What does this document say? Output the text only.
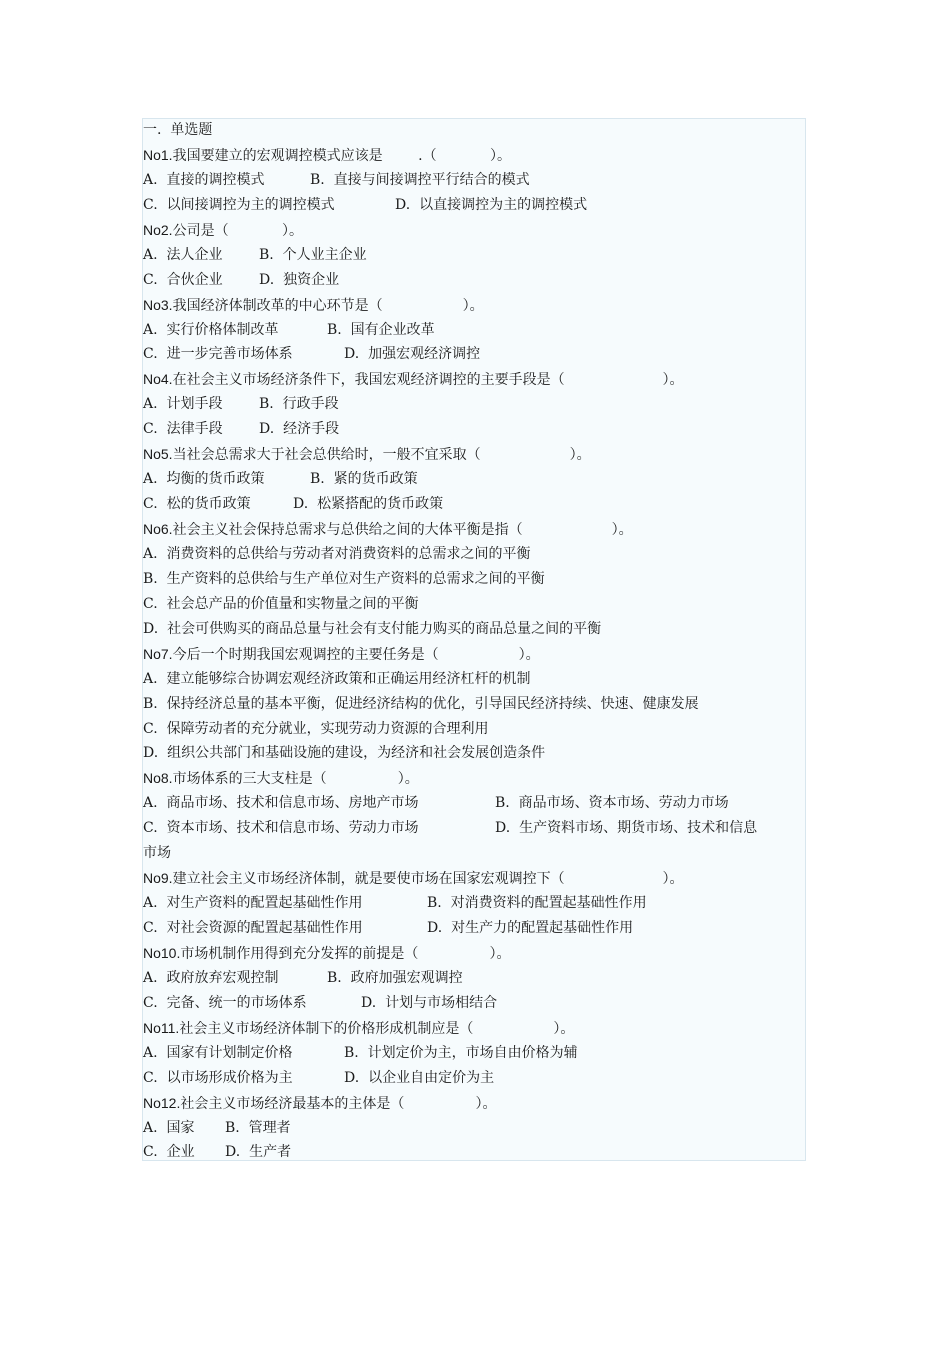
一.  单选题
No1.我国要建立的宏观调控模式应该是        .（            ）。
A.  直接的调控模式	B.  直接与间接调控平行结合的模式
C.  以间接调控为主的调控模式	D.  以直接调控为主的调控模式
No2.公司是（            ）。
A.  法人企业	B.  个人业主企业
C.  合伙企业	D.  独资企业
No3.我国经济体制改革的中心环节是（                  ）。
A.  实行价格体制改革	B.  国有企业改革
C.  进一步完善市场体系	D.  加强宏观经济调控
No4.在社会主义市场经济条件下，我国宏观经济调控的主要手段是（                      ）。
A.  计划手段	B.  行政手段
C.  法律手段	D.  经济手段
No5.当社会总需求大于社会总供给时，一般不宜采取（                    ）。
A.  均衡的货币政策	B.  紧的货币政策
C.  松的货币政策	D.  松紧搭配的货币政策
No6.社会主义社会保持总需求与总供给之间的大体平衡是指（                    ）。
A.  消费资料的总供给与劳动者对消费资料的总需求之间的平衡
B.  生产资料的总供给与生产单位对生产资料的总需求之间的平衡
C.  社会总产品的价值量和实物量之间的平衡
D.  社会可供购买的商品总量与社会有支付能力购买的商品总量之间的平衡
No7.今后一个时期我国宏观调控的主要任务是（                  ）。
A.  建立能够综合协调宏观经济政策和正确运用经济杠杆的机制
B.  保持经济总量的基本平衡，促进经济结构的优化，引导国民经济持续、快速、健康发展
C.  保障劳动者的充分就业，实现劳动力资源的合理利用
D.  组织公共部门和基础设施的建设，为经济和社会发展创造条件
No8.市场体系的三大支柱是（                ）。
A.  商品市场、技术和信息市场、房地产市场	B.  商品市场、资本市场、劳动力市场
C.  资本市场、技术和信息市场、劳动力市场	D.  生产资料市场、期货市场、技术和信息
市场
No9.建立社会主义市场经济体制，就是要使市场在国家宏观调控下（                      ）。
A.  对生产资料的配置起基础性作用	B.  对消费资料的配置起基础性作用
C.  对社会资源的配置起基础性作用	D.  对生产力的配置起基础性作用
No10.市场机制作用得到充分发挥的前提是（                ）。
A.  政府放弃宏观控制	B.  政府加强宏观调控
C.  完备、统一的市场体系	D.  计划与市场相结合
No11.社会主义市场经济体制下的价格形成机制应是（                  ）。
A.  国家有计划制定价格	B.  计划定价为主，市场自由价格为辅
C.  以市场形成价格为主	D.  以企业自由定价为主
No12.社会主义市场经济最基本的主体是（                ）。
A.  国家 B.  管理者
C.  企业 D.  生产者
